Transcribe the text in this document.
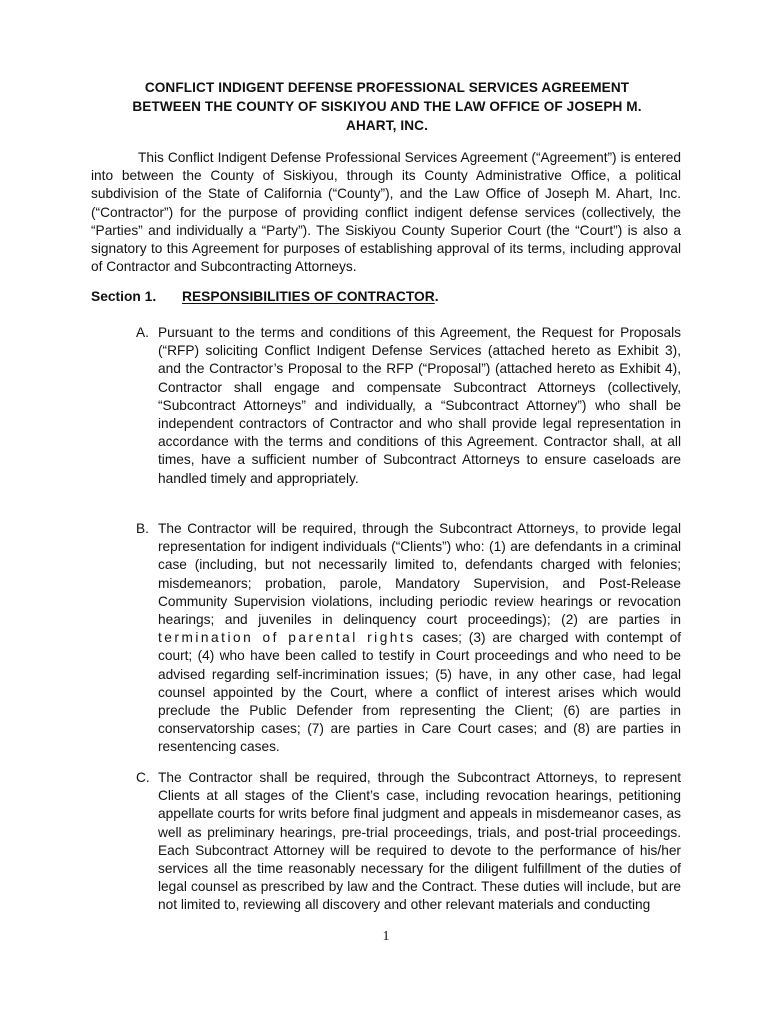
CONFLICT INDIGENT DEFENSE PROFESSIONAL SERVICES AGREEMENT
BETWEEN THE COUNTY OF SISKIYOU AND THE LAW OFFICE OF JOSEPH M.
AHART, INC.

This Conflict Indigent Defense Professional Services Agreement (“Agreement”) is entered into between the County of Siskiyou, through its County Administrative Office, a political subdivision of the State of California (“County”), and the Law Office of Joseph M. Ahart, Inc. (“Contractor”) for the purpose of providing conflict indigent defense services (collectively, the “Parties” and individually a “Party”). The Siskiyou County Superior Court (the “Court”) is also a signatory to this Agreement for purposes of establishing approval of its terms, including approval of Contractor and Subcontracting Attorneys.

Section 1. RESPONSIBILITIES OF CONTRACTOR.
A. Pursuant to the terms and conditions of this Agreement, the Request for Proposals (“RFP) soliciting Conflict Indigent Defense Services (attached hereto as Exhibit 3), and the Contractor’s Proposal to the RFP (“Proposal”) (attached hereto as Exhibit 4), Contractor shall engage and compensate Subcontract Attorneys (collectively, “Subcontract Attorneys” and individually, a “Subcontract Attorney”) who shall be independent contractors of Contractor and who shall provide legal representation in accordance with the terms and conditions of this Agreement. Contractor shall, at all times, have a sufficient number of Subcontract Attorneys to ensure caseloads are handled timely and appropriately.
B. The Contractor will be required, through the Subcontract Attorneys, to provide legal representation for indigent individuals (“Clients”) who: (1) are defendants in a criminal case (including, but not necessarily limited to, defendants charged with felonies; misdemeanors; probation, parole, Mandatory Supervision, and Post-Release Community Supervision violations, including periodic review hearings or revocation hearings; and juveniles in delinquency court proceedings); (2) are parties in termination of parental rights cases; (3) are charged with contempt of court; (4) who have been called to testify in Court proceedings and who need to be advised regarding self-incrimination issues; (5) have, in any other case, had legal counsel appointed by the Court, where a conflict of interest arises which would preclude the Public Defender from representing the Client; (6) are parties in conservatorship cases; (7) are parties in Care Court cases; and (8) are parties in resentencing cases.
C. The Contractor shall be required, through the Subcontract Attorneys, to represent Clients at all stages of the Client’s case, including revocation hearings, petitioning appellate courts for writs before final judgment and appeals in misdemeanor cases, as well as preliminary hearings, pre-trial proceedings, trials, and post-trial proceedings. Each Subcontract Attorney will be required to devote to the performance of his/her services all the time reasonably necessary for the diligent fulfillment of the duties of legal counsel as prescribed by law and the Contract. These duties will include, but are not limited to, reviewing all discovery and other relevant materials and conducting
1
